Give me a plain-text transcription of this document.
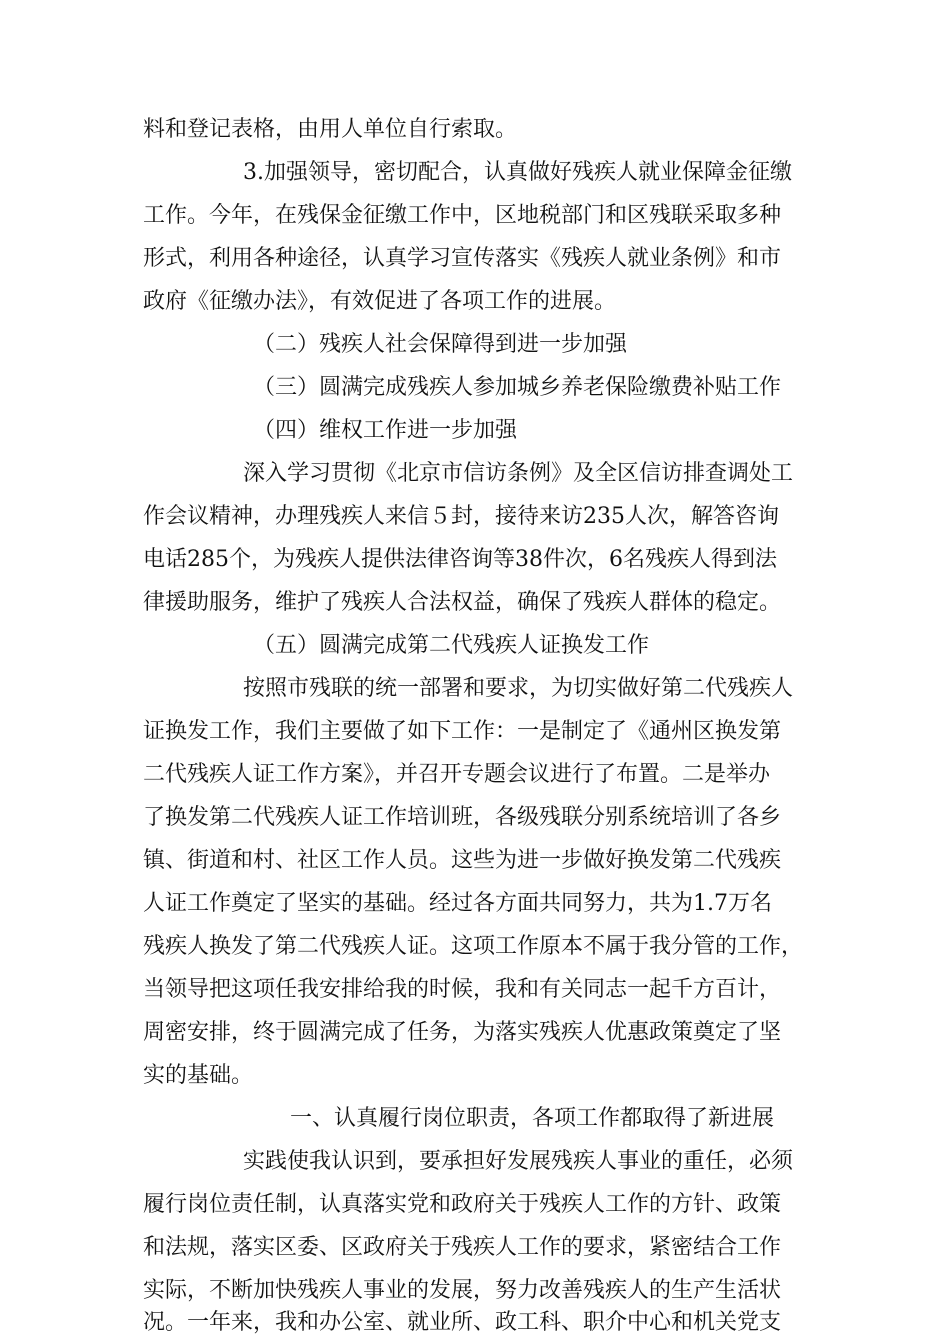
料和登记表格，由用人单位自行索取。
3.加强领导，密切配合，认真做好残疾人就业保障金征缴
工作。今年，在残保金征缴工作中，区地税部门和区残联采取多种
形式，利用各种途径，认真学习宣传落实《残疾人就业条例》和市
政府《征缴办法》，有效促进了各项工作的进展。
（二）残疾人社会保障得到进一步加强
（三）圆满完成残疾人参加城乡养老保险缴费补贴工作
（四）维权工作进一步加强
深入学习贯彻《北京市信访条例》及全区信访排查调处工
作会议精神，办理残疾人来信５封，接待来访235人次，解答咨询
电话285个，为残疾人提供法律咨询等38件次，6名残疾人得到法
律援助服务，维护了残疾人合法权益，确保了残疾人群体的稳定。
（五）圆满完成第二代残疾人证换发工作
按照市残联的统一部署和要求，为切实做好第二代残疾人
证换发工作，我们主要做了如下工作：一是制定了《通州区换发第
二代残疾人证工作方案》，并召开专题会议进行了布置。二是举办
了换发第二代残疾人证工作培训班，各级残联分别系统培训了各乡
镇、街道和村、社区工作人员。这些为进一步做好换发第二代残疾
人证工作奠定了坚实的基础。经过各方面共同努力，共为1.7万名
残疾人换发了第二代残疾人证。这项工作原本不属于我分管的工作，
当领导把这项任我安排给我的时候，我和有关同志一起千方百计，
周密安排，终于圆满完成了任务，为落实残疾人优惠政策奠定了坚
实的基础。
一、认真履行岗位职责，各项工作都取得了新进展
实践使我认识到，要承担好发展残疾人事业的重任，必须
履行岗位责任制，认真落实党和政府关于残疾人工作的方针、政策
和法规，落实区委、区政府关于残疾人工作的要求，紧密结合工作
实际，不断加快残疾人事业的发展，努力改善残疾人的生产生活状
况。一年来，我和办公室、就业所、政工科、职介中心和机关党支
